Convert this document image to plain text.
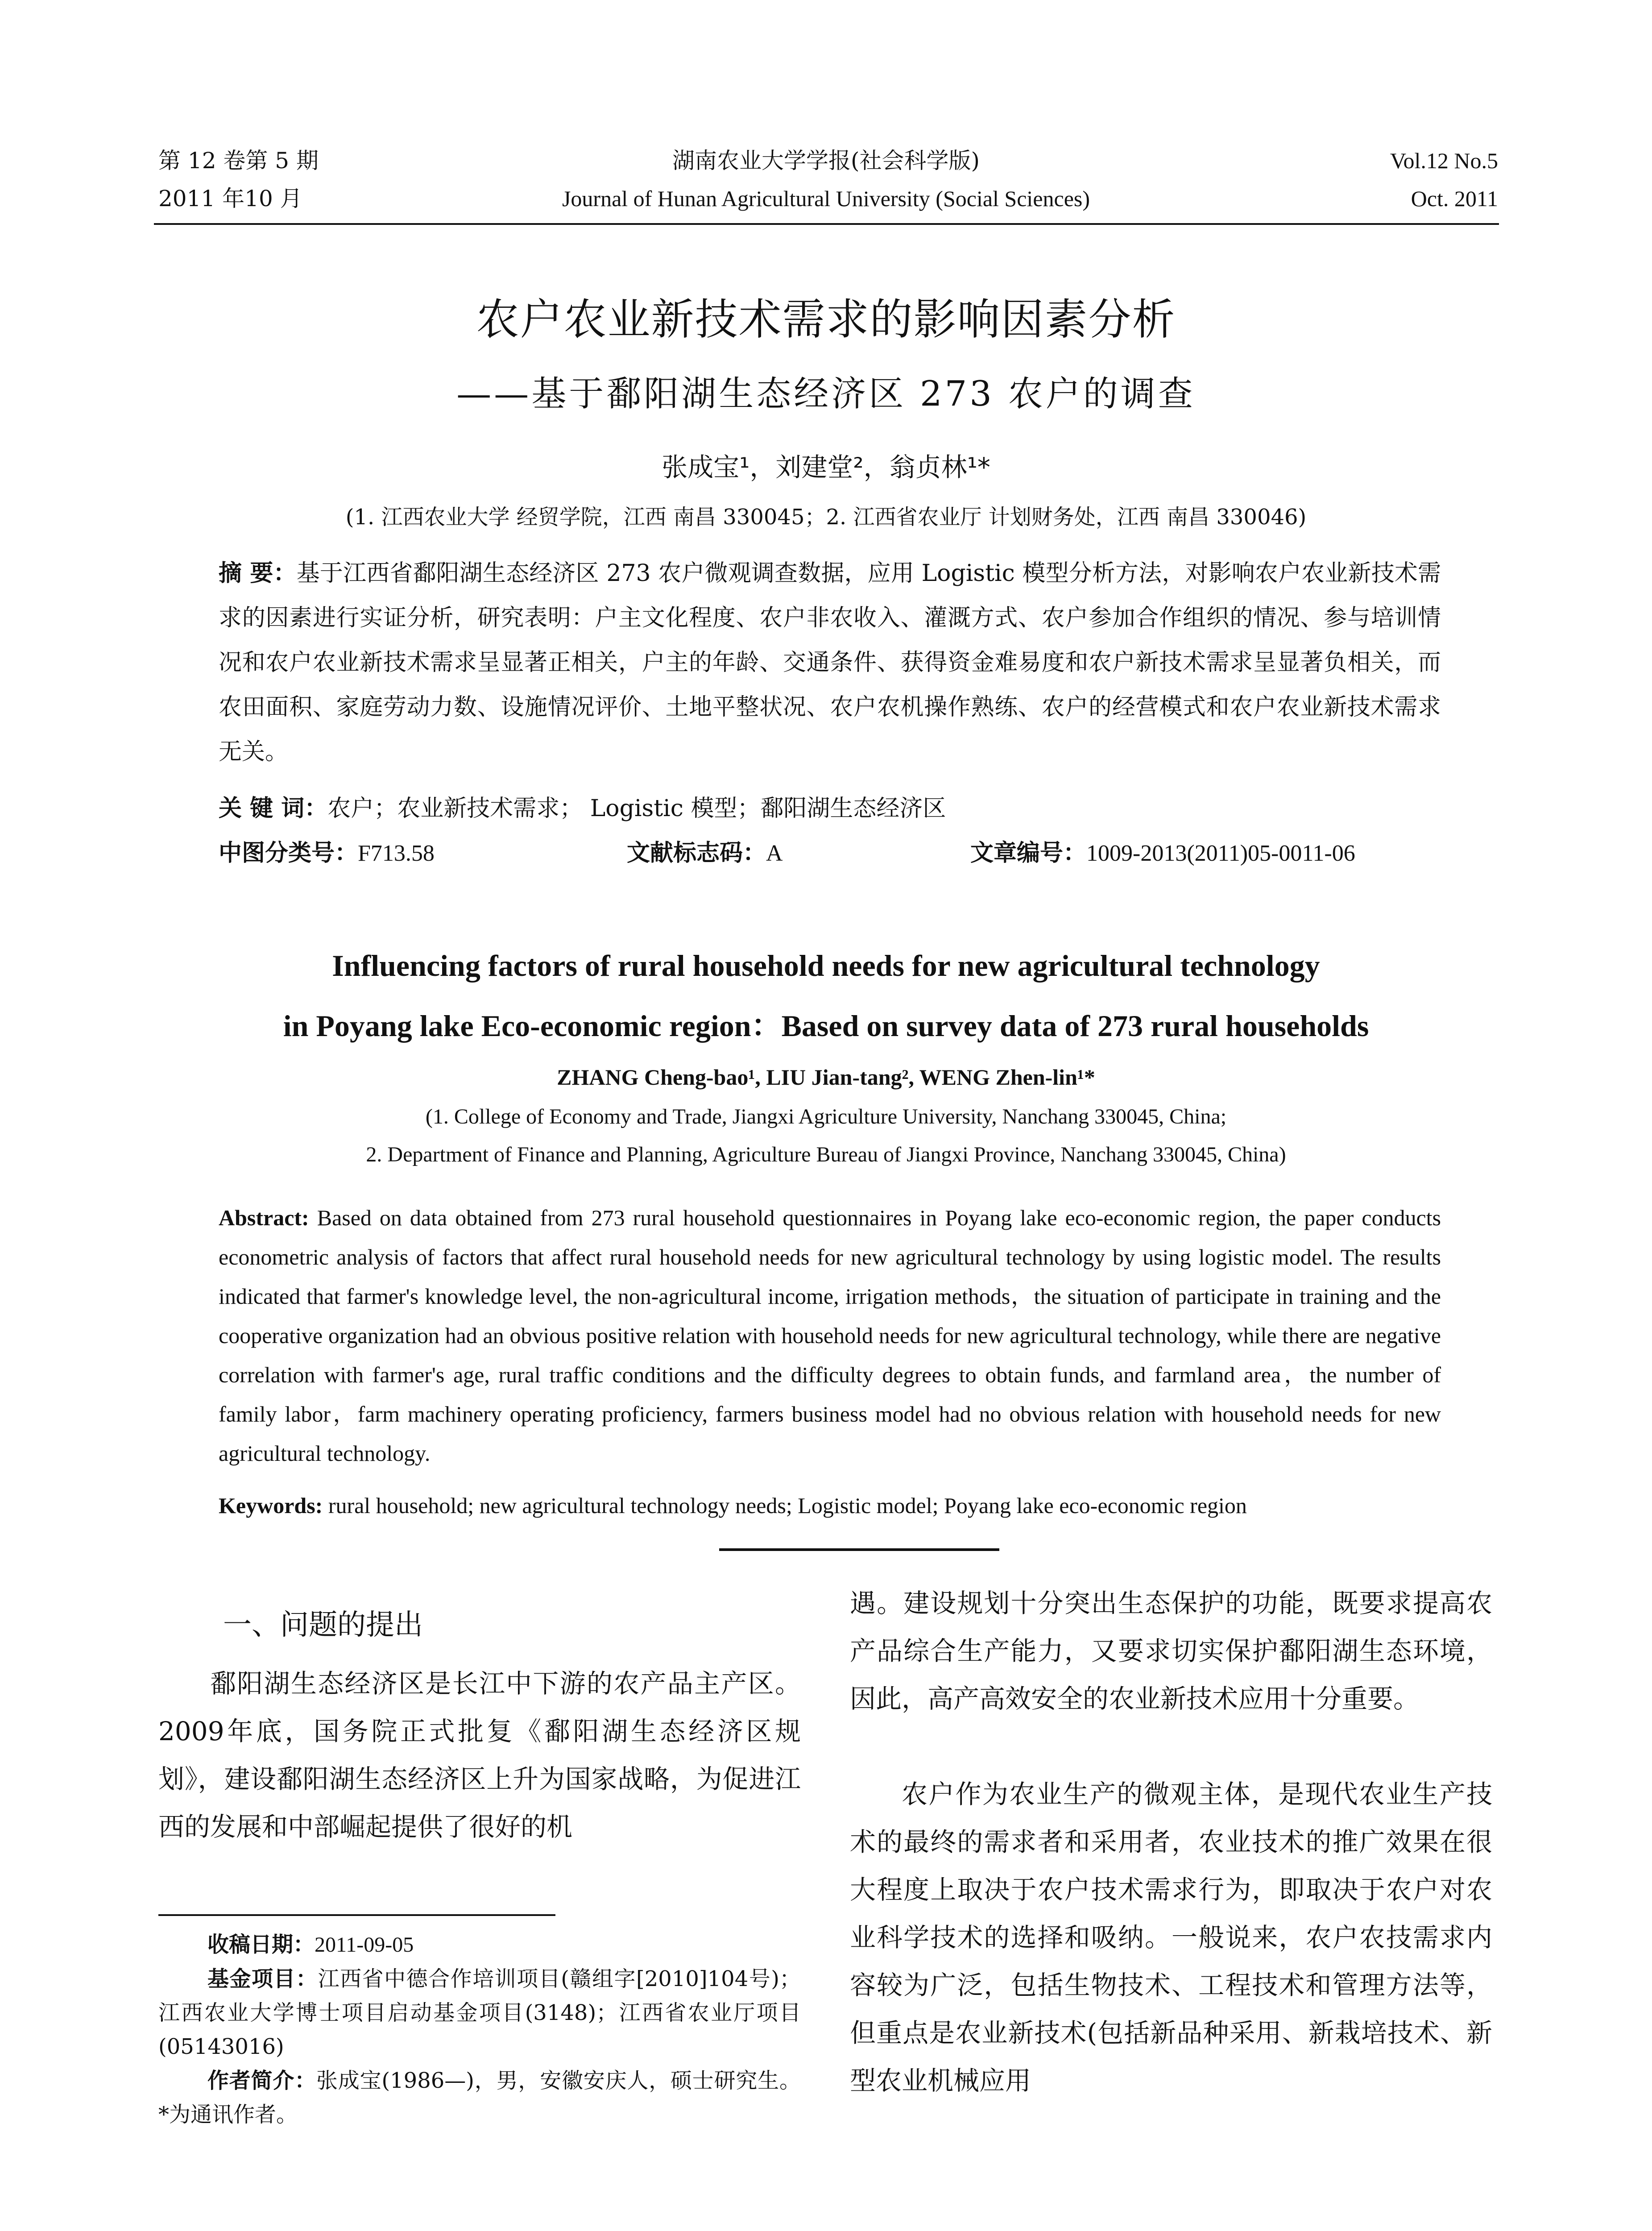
第 12 卷第 5 期
2011 年10 月
湖南农业大学学报(社会科学版)
Journal of Hunan Agricultural University (Social Sciences)
Vol.12 No.5
Oct. 2011
农户农业新技术需求的影响因素分析
——基于鄱阳湖生态经济区 273 农户的调查
张成宝¹，刘建堂²，翁贞林¹*
(1. 江西农业大学 经贸学院，江西 南昌 330045；2. 江西省农业厅 计划财务处，江西 南昌 330046)
摘 要：基于江西省鄱阳湖生态经济区 273 农户微观调查数据，应用 Logistic 模型分析方法，对影响农户农业新技术需求的因素进行实证分析，研究表明：户主文化程度、农户非农收入、灌溉方式、农户参加合作组织的情况、参与培训情况和农户农业新技术需求呈显著正相关，户主的年龄、交通条件、获得资金难易度和农户新技术需求呈显著负相关，而农田面积、家庭劳动力数、设施情况评价、土地平整状况、农户农机操作熟练、农户的经营模式和农户农业新技术需求无关。
关 键 词：农户；农业新技术需求； Logistic 模型；鄱阳湖生态经济区
中图分类号：F713.58	文献标志码：A	文章编号：1009-2013(2011)05-0011-06
Influencing factors of rural household needs for new agricultural technology
in Poyang lake Eco-economic region：Based on survey data of 273 rural households
ZHANG Cheng-bao¹, LIU Jian-tang², WENG Zhen-lin¹*
(1. College of Economy and Trade, Jiangxi Agriculture University, Nanchang 330045, China;
2. Department of Finance and Planning, Agriculture Bureau of Jiangxi Province, Nanchang 330045, China)
Abstract: Based on data obtained from 273 rural household questionnaires in Poyang lake eco-economic region, the paper conducts econometric analysis of factors that affect rural household needs for new agricultural technology by using logistic model. The results indicated that farmer's knowledge level, the non-agricultural income, irrigation methods，the situation of participate in training and the cooperative organization had an obvious positive relation with household needs for new agricultural technology, while there are negative correlation with farmer's age, rural traffic conditions and the difficulty degrees to obtain funds, and farmland area，the number of family labor，farm machinery operating proficiency, farmers business model had no obvious relation with household needs for new agricultural technology.
Keywords: rural household; new agricultural technology needs; Logistic model; Poyang lake eco-economic region
一、问题的提出
鄱阳湖生态经济区是长江中下游的农产品主产区。2009年底，国务院正式批复《鄱阳湖生态经济区规划》，建设鄱阳湖生态经济区上升为国家战略，为促进江西的发展和中部崛起提供了很好的机

收稿日期：2011-09-05

基金项目：江西省中德合作培训项目(赣组字[2010]104号)；江西农业大学博士项目启动基金项目(3148)；江西省农业厅项目(05143016)

作者简介：张成宝(1986—)，男，安徽安庆人，硕士研究生。*为通讯作者。

遇。建设规划十分突出生态保护的功能，既要求提高农产品综合生产能力，又要求切实保护鄱阳湖生态环境，因此，高产高效安全的农业新技术应用十分重要。
农户作为农业生产的微观主体，是现代农业生产技术的最终的需求者和采用者，农业技术的推广效果在很大程度上取决于农户技术需求行为，即取决于农户对农业科学技术的选择和吸纳。一般说来，农户农技需求内容较为广泛，包括生物技术、工程技术和管理方法等，但重点是农业新技术(包括新品种采用、新栽培技术、新型农业机械应用
